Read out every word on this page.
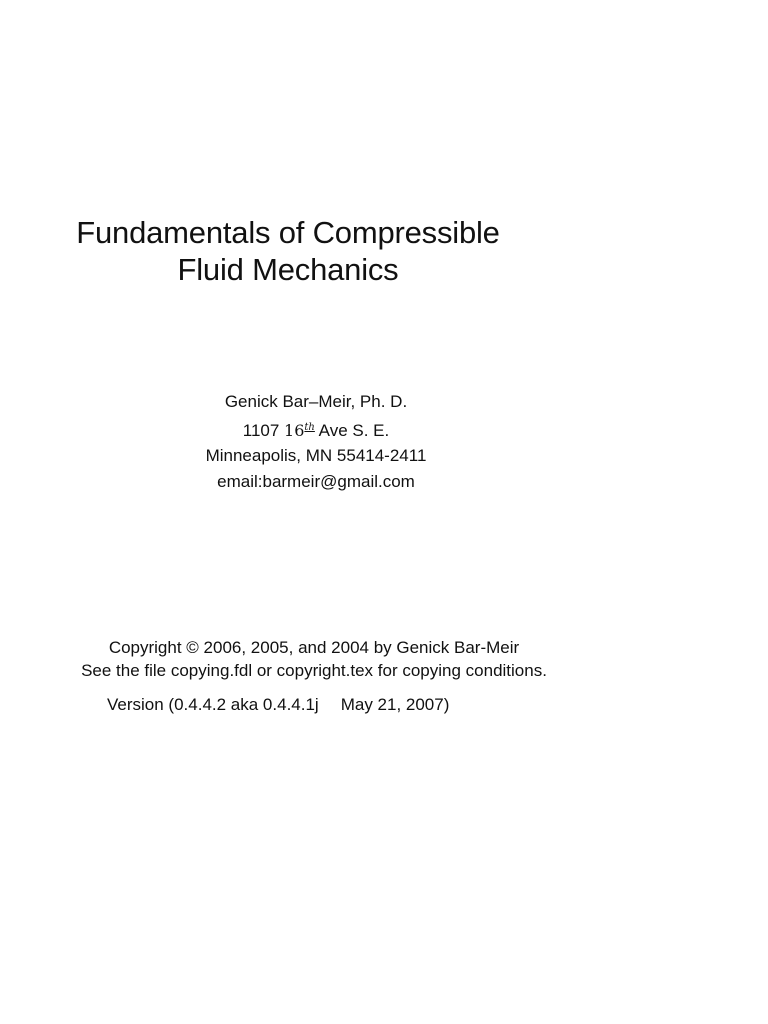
Fundamentals of Compressible
Fluid Mechanics
Genick Bar–Meir, Ph. D.
1107 16th Ave S. E.
Minneapolis, MN 55414-2411
email:barmeir@gmail.com
Copyright © 2006, 2005, and 2004 by Genick Bar-Meir
See the file copying.fdl or copyright.tex for copying conditions.
Version (0.4.4.2 aka 0.4.4.1j May 21, 2007)
